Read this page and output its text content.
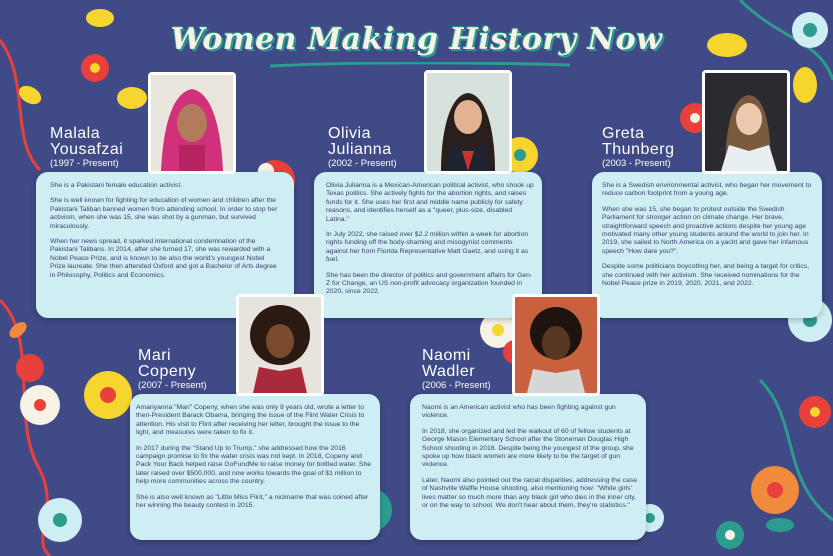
Women Making History Now
Malala
Yousafzai
(1997 - Present)

She is a Pakistani female education activist.

She is well known for fighting for education of women and children after the Pakistani Taliban banned women from attending school. In order to stop her activism, when she was 15, she was shot by a gunman, but survived miraculously.

When her news spread, it sparked international condemnation of the Pakistani Talibans. In 2014, after she turned 17, she was rewarded with a Nobel Peace Prize, and is known to be also the world's youngest Nobel Prize laureate. She then attended Oxford and got a Bachelor of Arts degree in Philosophy, Politics and Economics.

Olivia
Julianna
(2002 - Present)

Olivia Julianna is a Mexican-American political activist, who shook up Texas politics. She actively fights for the abortion rights, and raises funds for it. She uses her first and middle name publicly for safety reasons, and identifies herself as a "queer, plus-size, disabled Latina."

In July 2022, she raised over $2.2 million within a week for abortion rights funding off the body-shaming and misogynist comments against her from Florida Representative Matt Gaetz, and using it as fuel.

She has been the director of politics and government affairs for Gen-Z for Change, an US non-profit advocacy organization founded in 2020, since 2022.

Greta
Thunberg
(2003 - Present)

She is a Swedish environmental activist, who began her movement to reduce carbon footprint from a young age.

When she was 15, she began to protest outside the Swedish Parliament for stronger action on climate change. Her brave, straightforward speech and proactive actions despite her young age motivated many other young students around the world to join her. In 2019, she sailed to North America on a yacht and gave her infamous speech "How dare you?".

Despite some politicians boycotting her, and being a target for critics, she continued with her activism. She received nominations for the Nobel Peace prize in 2019, 2020, 2021, and 2022.

Mari
Copeny
(2007 - Present)

Amariyanna "Mari" Copeny, when she was only 8 years old, wrote a letter to then-President Barack Obama, bringing the issue of the Flint Water Crisis to attention. His visit to Flint after receiving her letter, brought the issue to the light, and measures were taken to fix it.

In 2017 during the "Stand Up to Trump," she addressed how the 2016 campaign promise to fix the water crisis was not kept. In 2018, Copeny and Pack Your Back helped raise GoFundMe to raise money for bottled water. She later raised over $500,000, and now works towards the goal of $1 million to help more communities across the country.

She is also well known as "Little Miss Flint," a nickname that was coined after her winning the beauty contest in 2015.

Naomi
Wadler
(2006 - Present)

Naomi is an American activist who has been fighting against gun violence.

In 2018, she organized and led the walkout of 60 of fellow students at George Mason Elementary School after the Stoneman Douglas High School shooting in 2018. Despite being the youngest of the group, she spoke up how black women are more likely to be the target of gun violence.

Later, Naomi also pointed out the racial disparities, addressing the case of Nashville Waffle House shooting, also mentioning how: "White girls' lives matter so much more than any black girl who dies in the inner city, or on the way to school. We don't hear about them, they're statistics."
